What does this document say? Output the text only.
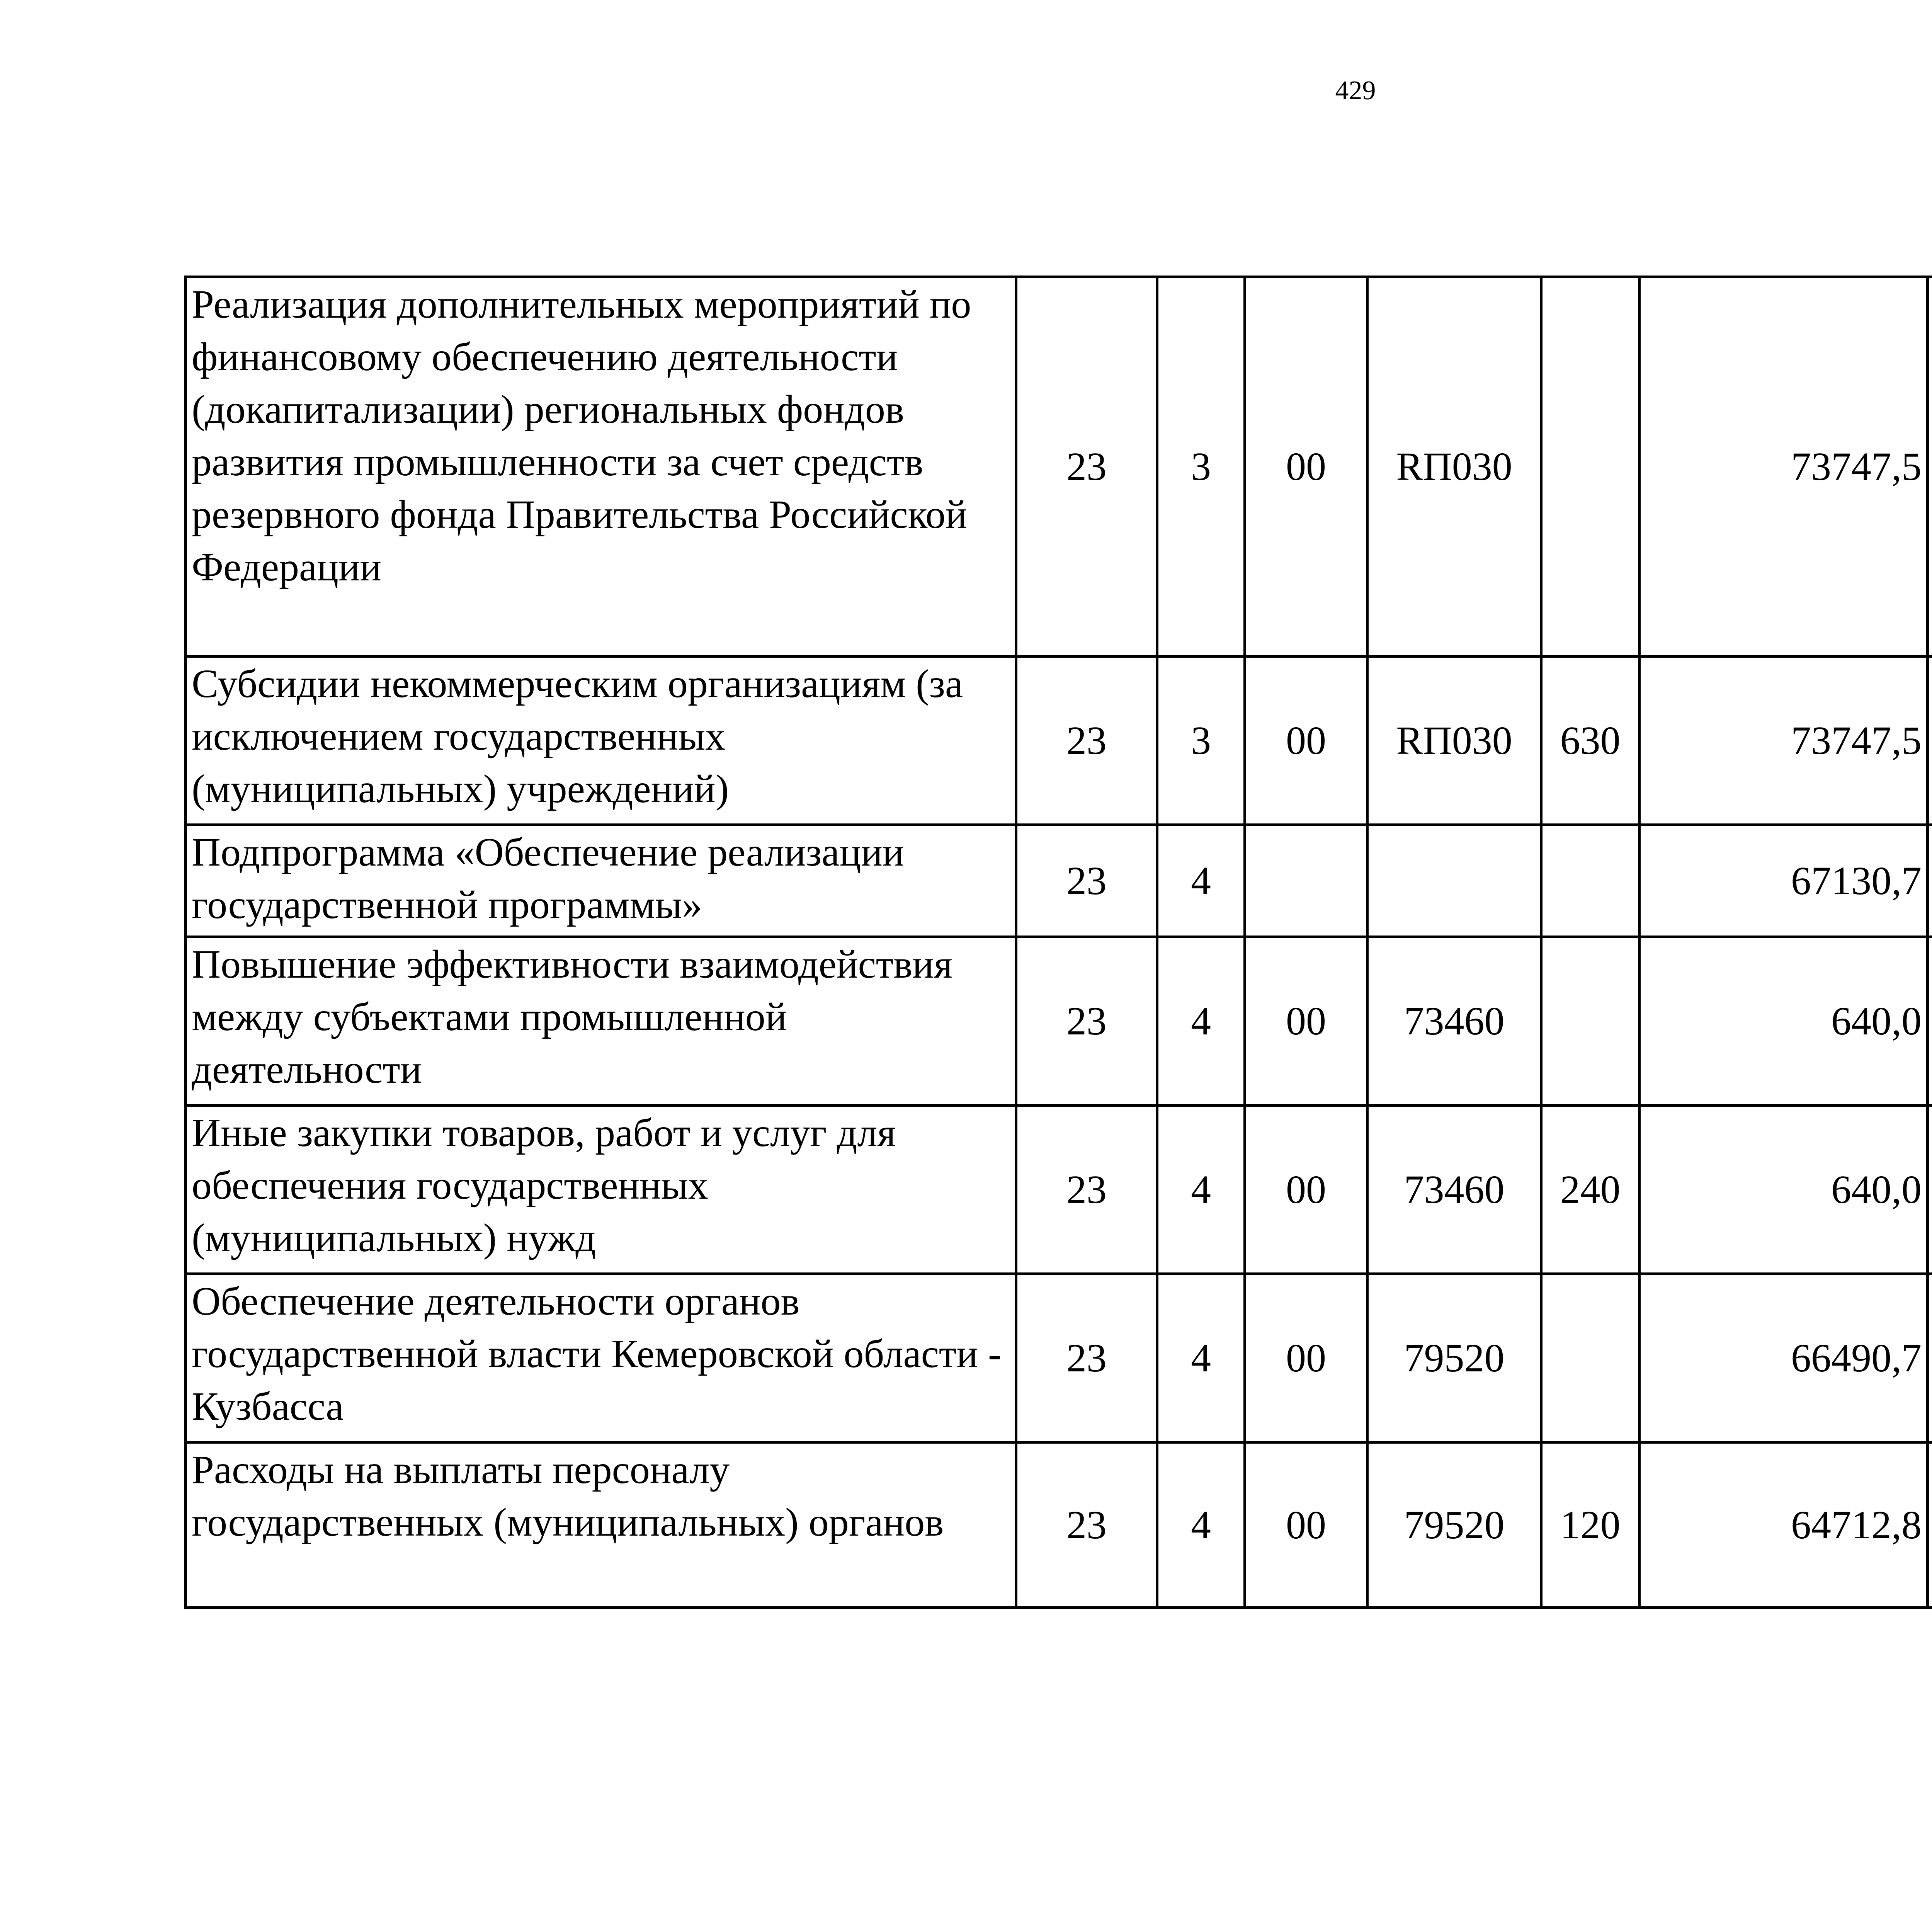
429
Реализация дополнительных мероприятий по финансовому обеспечению деятельности (докапитализации) региональных фондов развития промышленности за счет средств резервного фонда Правительства Российской Федерации	23	3	00	RП030		73747,5		
Субсидии некоммерческим организациям (за исключением государственных (муниципальных) учреждений)	23	3	00	RП030	630	73747,5		
Подпрограмма «Обеспечение реализации государственной программы»	23	4				67130,7		
Повышение эффективности взаимодействия между субъектами промышленной деятельности	23	4	00	73460		640,0		
Иные закупки товаров, работ и услуг для обеспечения государственных (муниципальных) нужд	23	4	00	73460	240	640,0		
Обеспечение деятельности органов государственной власти Кемеровской области - Кузбасса	23	4	00	79520		66490,7		
Расходы на выплаты персоналу государственных (муниципальных) органов	23	4	00	79520	120	64712,8		
